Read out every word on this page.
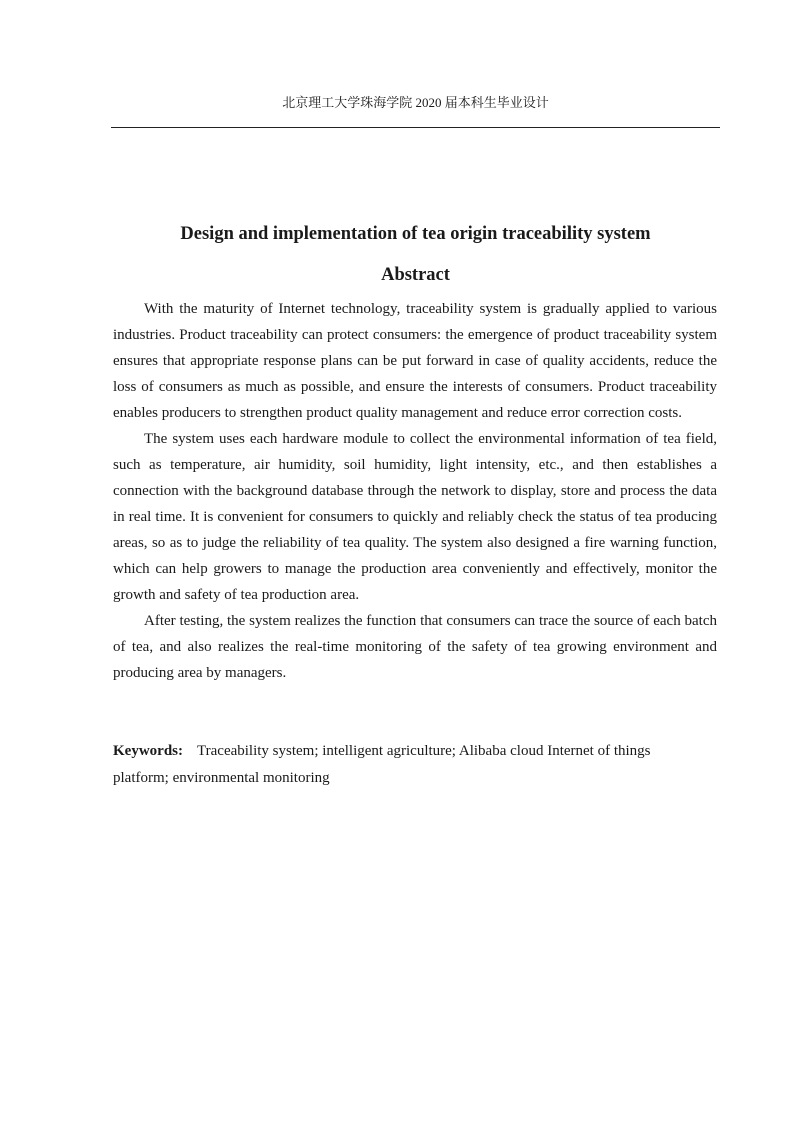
北京理工大学珠海学院 2020 届本科生毕业设计
Design and implementation of tea origin traceability system
Abstract

With the maturity of Internet technology, traceability system is gradually applied to various industries. Product traceability can protect consumers: the emergence of product traceability system ensures that appropriate response plans can be put forward in case of quality accidents, reduce the loss of consumers as much as possible, and ensure the interests of consumers. Product traceability enables producers to strengthen product quality management and reduce error correction costs.

The system uses each hardware module to collect the environmental information of tea field, such as temperature, air humidity, soil humidity, light intensity, etc., and then establishes a connection with the background database through the network to display, store and process the data in real time. It is convenient for consumers to quickly and reliably check the status of tea producing areas, so as to judge the reliability of tea quality. The system also designed a fire warning function, which can help growers to manage the production area conveniently and effectively, monitor the growth and safety of tea production area.

After testing, the system realizes the function that consumers can trace the source of each batch of tea, and also realizes the real-time monitoring of the safety of tea growing environment and producing area by managers.

Keywords: Traceability system; intelligent agriculture; Alibaba cloud Internet of things platform; environmental monitoring
